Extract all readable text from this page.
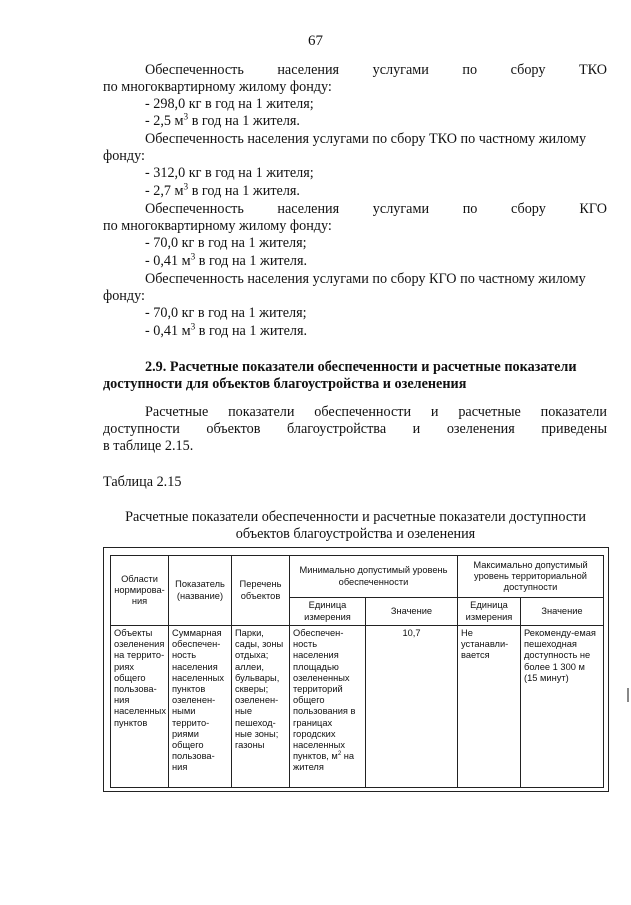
67
Обеспеченность населения услугами по сбору ТКО
по многоквартирному жилому фонду:
- 298,0 кг в год на 1 жителя;
- 2,5 $м^3$ в год на 1 жителя.
Обеспеченность населения услугами по сбору ТКО по частному жилому
фонду:
- 312,0 кг в год на 1 жителя;
- 2,7 $м^3$ в год на 1 жителя.
Обеспеченность населения услугами по сбору КГО
по многоквартирному жилому фонду:
- 70,0 кг в год на 1 жителя;
- 0,41 $м^3$ в год на 1 жителя.
Обеспеченность населения услугами по сбору КГО по частному жилому
фонду:
- 70,0 кг в год на 1 жителя;
- 0,41 $м^3$ в год на 1 жителя.
2.9. Расчетные показатели обеспеченности и расчетные показатели
доступности для объектов благоустройства и озеленения
Расчетные показатели обеспеченности и расчетные показатели
доступности объектов благоустройства и озеленения приведены
в таблице 2.15.
Таблица 2.15
Расчетные показатели обеспеченности и расчетные показатели доступности
объектов благоустройства и озеленения
Области нормирова-ния	Показатель (название)	Перечень объектов	Минимально допустимый уровень обеспеченности		Максимально допустимый уровень территориальной доступности	
			Единица измерения	Значение	Единица измерения	Значение
Объекты озеленения на террито-риях общего пользова-ния населенных пунктов	Суммарная обеспечен-ность населения населенных пунктов озеленен-ными террито-риями общего пользова-ния	Парки, сады, зоны отдыха; аллеи, бульвары, скверы; озеленен-ные пешеход-ные зоны; газоны	Обеспечен-ность населения площадью озелененных территорий общего пользования в границах городских населенных пунктов, $м^2$ на жителя	10,7	Не устанавли-вается	Рекоменду-емая пешеходная доступность не более 1 300 м (15 минут)
